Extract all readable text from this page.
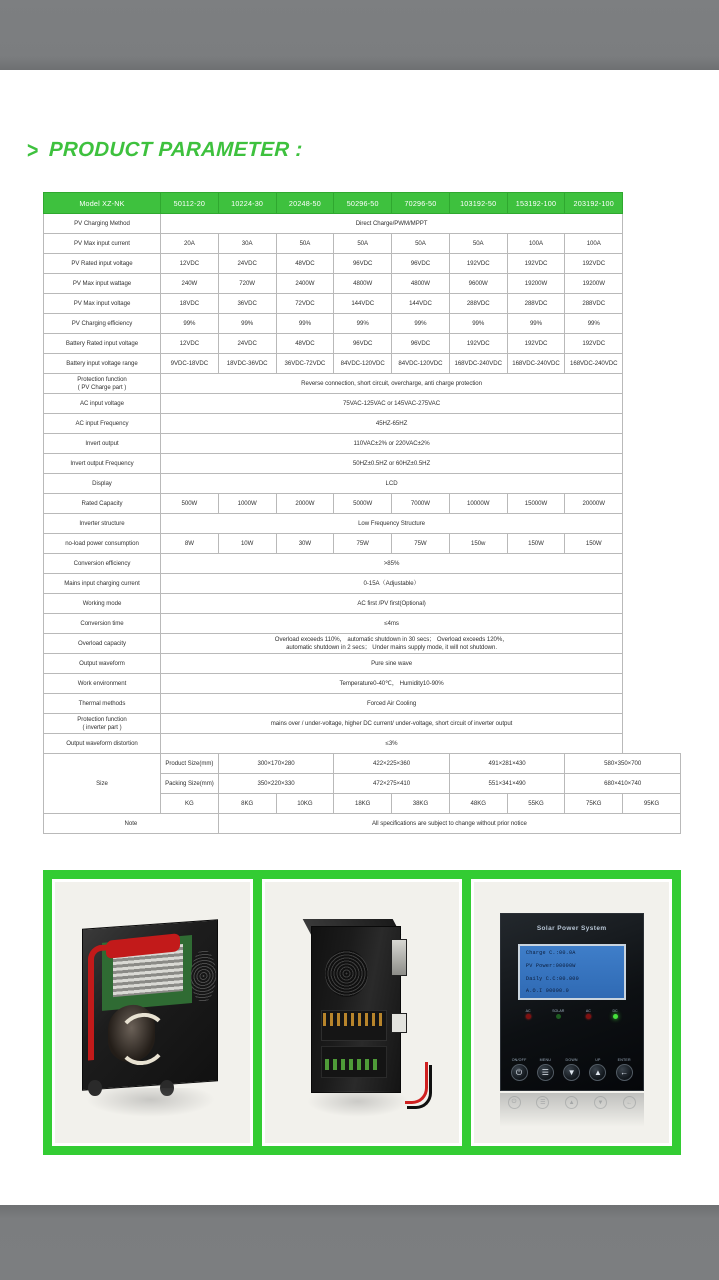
> PRODUCT PARAMETER :
Model XZ-NK	50112-20	10224-30	20248-50	50296-50	70296-50	103192-50	153192-100	203192-100	

PV Charging Method	Direct Charge/PWM/MPPT								

PV Max input current	20A	30A	50A	50A	50A	50A	100A	100A	

PV Rated input voltage	12VDC	24VDC	48VDC	96VDC	96VDC	192VDC	192VDC	192VDC	

PV Max input wattage	240W	720W	2400W	4800W	4800W	9600W	19200W	19200W	

PV Max input voltage	18VDC	36VDC	72VDC	144VDC	144VDC	288VDC	288VDC	288VDC	

PV Charging efficiency	99%	99%	99%	99%	99%	99%	99%	99%	

Battery Rated input voltage	12VDC	24VDC	48VDC	96VDC	96VDC	192VDC	192VDC	192VDC	

Battery input voltage range	9VDC-18VDC	18VDC-36VDC	36VDC-72VDC	84VDC-120VDC	84VDC-120VDC	168VDC-240VDC	168VDC-240VDC	168VDC-240VDC	

Protection function
( PV Charge part )	Reverse connection, short circuit, overcharge, anti charge protection								

AC input voltage	75VAC-125VAC or 145VAC-275VAC								

AC input Frequency	45HZ-65HZ								

Invert output	110VAC±2% or 220VAC±2%								

Invert output Frequency	50HZ±0.5HZ or 60HZ±0.5HZ								

Display	LCD								

Rated Capacity	500W	1000W	2000W	5000W	7000W	10000W	15000W	20000W	

Inverter structure	Low Frequency Structure								

no-load power consumption	8W	10W	30W	75W	75W	150w	150W	150W	

Conversion efficiency	>85%								

Mains input charging current	0-15A（Adjustable）								

Working mode	AC first /PV first(Optional)								

Conversion time	≤4ms								

Overload capacity	Overload exceeds 110%， automatic shutdown in 30 secs； Overload exceeds 120%，
automatic shutdown in 2 secs； Under mains supply mode, it will not shutdown.								

Output waveform	Pure sine wave								

Work environment	Temperature0-40℃， Humidity10-90%								

Thermal methods	Forced Air Cooling								

Protection function
( inverter part )	mains over / under-voltage, higher DC current/ under-voltage, short circuit of inverter output								

Output waveform distortion	≤3%								

Size	Product Size(mm)	300×170×280		422×225×360		491×281×430		580×350×700	
	Packing Size(mm)	350×220×330		472×275×410		551×341×490		680×410×740	
	KG	8KG	10KG	18KG	38KG	48KG	55KG	75KG	95KG
Note		All specifications are subject to change without prior notice							
Solar Power System
Charge C.:00.0A
PV Power:00000W
Daily C.C:00.000
A.O.I 00000.0
AC	SOLAR	AC	DC
ON/OFF
⏻
MENU
☰
DOWN
▼
UP
▲
ENTER
←
⏻	☰	▲	▼	←
